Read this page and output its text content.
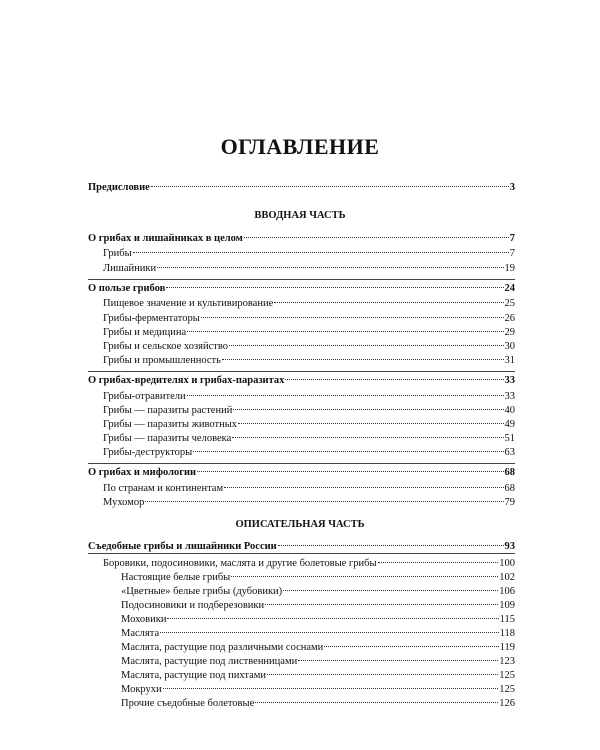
ОГЛАВЛЕНИЕ
Предисловие	3
ВВОДНАЯ ЧАСТЬ
О грибах и лишайниках в целом	7
Грибы	7
Лишайники	19
О пользе грибов	24
Пищевое значение и культивирование	25
Грибы-ферментаторы	26
Грибы и медицина	29
Грибы и сельское хозяйство	30
Грибы и промышленность	31
О грибах-вредителях и грибах-паразитах	33
Грибы-отравители	33
Грибы — паразиты растений	40
Грибы — паразиты животных	49
Грибы — паразиты человека	51
Грибы-деструкторы	63
О грибах и мифологии	68
По странам и континентам	68
Мухомор	79
ОПИСАТЕЛЬНАЯ ЧАСТЬ
Съедобные грибы и лишайники России	93
Боровики, подосиновики, маслята и другие болетовые грибы	100
Настоящие белые грибы	102
«Цветные» белые грибы (дубовики)	106
Подосиновики и подберезовики	109
Моховики	115
Маслята	118
Маслята, растущие под различными соснами	119
Маслята, растущие под лиственницами	123
Маслята, растущие под пихтами	125
Мокрухи	125
Прочие съедобные болетовые	126
